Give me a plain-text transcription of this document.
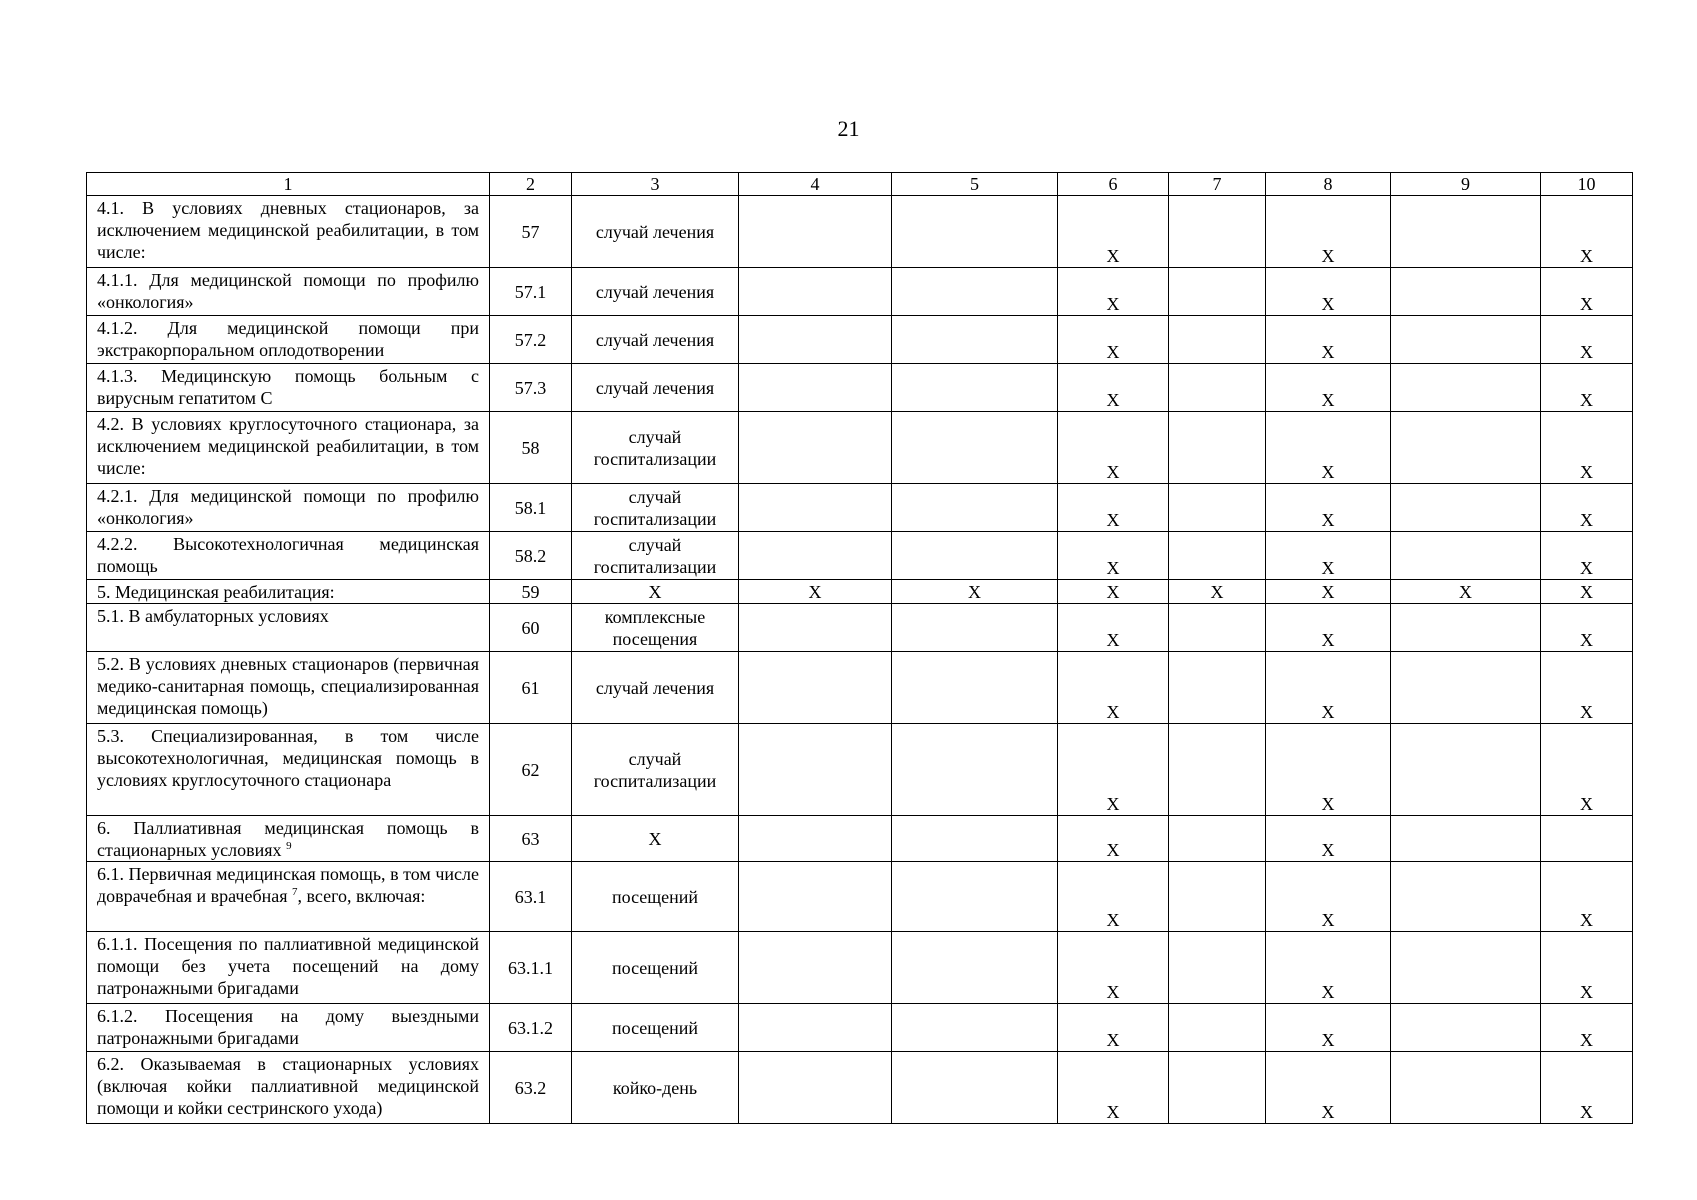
21
1	2	3	4	5	6	7	8	9	10
4.1. В условиях дневных стационаров, за исключением медицинской реабилитации, в том числе:	57	случай лечения			X		X		X
4.1.1. Для медицинской помощи по профилю «онкология»	57.1	случай лечения			X		X		X
4.1.2. Для медицинской помощи при экстракорпоральном оплодотворении	57.2	случай лечения			X		X		X
4.1.3. Медицинскую помощь больным с вирусным гепатитом С	57.3	случай лечения			X		X		X
4.2. В условиях круглосуточного стационара, за исключением медицинской реабилитации, в том числе:	58	случай госпитализации			X		X		X
4.2.1. Для медицинской помощи по профилю «онкология»	58.1	случай госпитализации			X		X		X
4.2.2. Высокотехнологичная медицинская помощь	58.2	случай госпитализации			X		X		X
5. Медицинская реабилитация:	59	X	X	X	X	X	X	X	X
5.1. В амбулаторных условиях	60	комплексные посещения			X		X		X
5.2. В условиях дневных стационаров (первичная медико-санитарная помощь, специализированная медицинская помощь)	61	случай лечения			X		X		X
5.3. Специализированная, в том числе высокотехнологичная, медицинская помощь в условиях круглосуточного стационара	62	случай госпитализации			X		X		X
6. Паллиативная медицинская помощь в стационарных условиях $^9$	63	X			X		X		
6.1. Первичная медицинская помощь, в том числе доврачебная и врачебная $^7$, всего, включая:	63.1	посещений			X		X		X
6.1.1. Посещения по паллиативной медицинской помощи без учета посещений на дому патронажными бригадами	63.1.1	посещений			X		X		X
6.1.2. Посещения на дому выездными патронажными бригадами	63.1.2	посещений			X		X		X
6.2. Оказываемая в стационарных условиях (включая койки паллиативной медицинской помощи и койки сестринского ухода)	63.2	койко-день			X		X		X
